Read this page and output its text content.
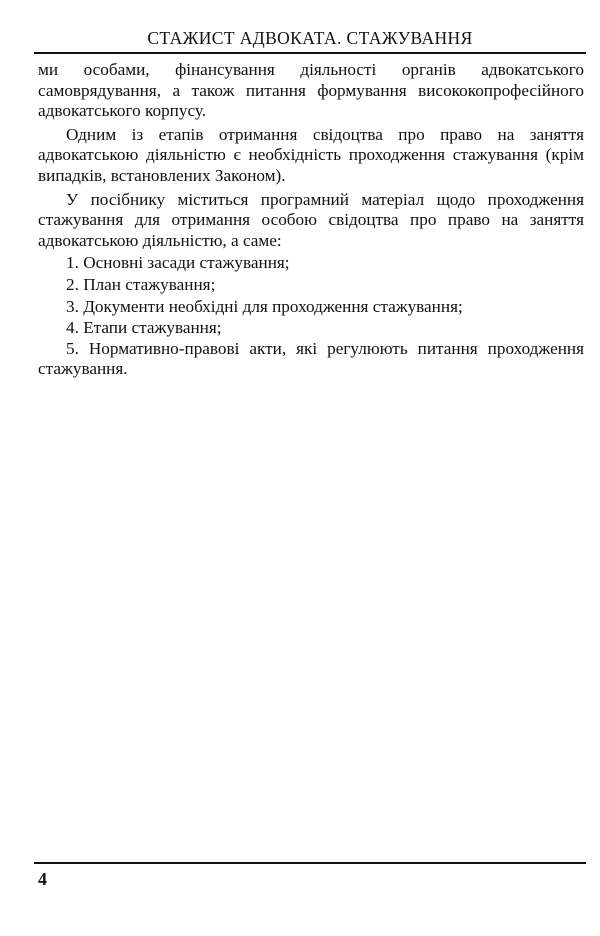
СТАЖИСТ АДВОКАТА. СТАЖУВАННЯ

ми особами, фінансування діяльності органів адвокатського самоврядування, а також питання формування висококопрофесійного адвокатського корпусу.

Одним із етапів отримання свідоцтва про право на заняття адвокатською діяльністю є необхідність проходження стажування (крім випадків, встановлених Законом).

У посібнику міститься програмний матеріал щодо проходження стажування для отримання особою свідоцтва про право на заняття адвокатською діяльністю, а саме:

1. Основні засади стажування;
2. План стажування;
3. Документи необхідні для проходження стажування;
4. Етапи стажування;
5. Нормативно-правові акти, які регулюють питання проходження стажування.
4
